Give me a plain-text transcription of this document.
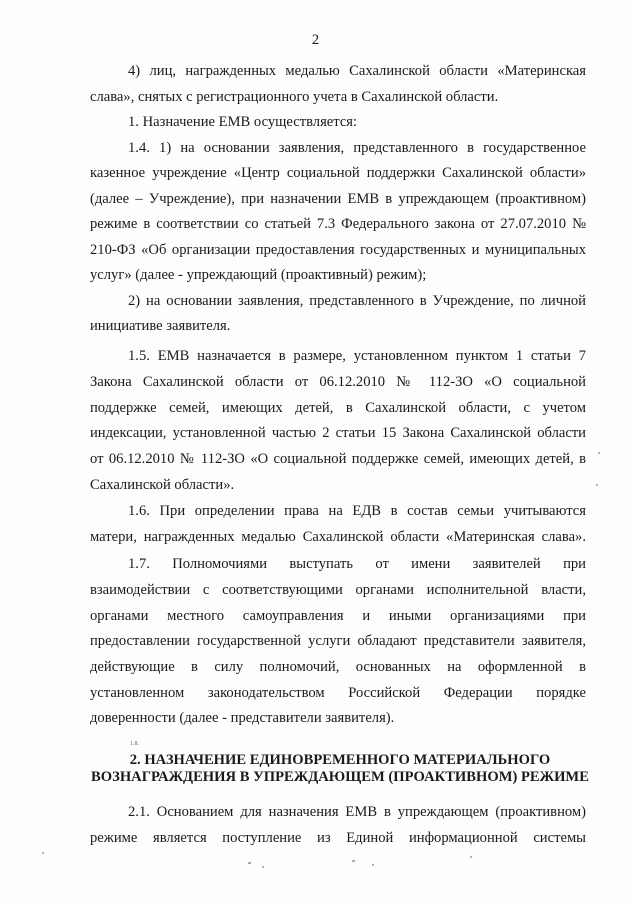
2
4) лиц, награжденных медалью Сахалинской области «Материнская
слава», снятых с регистрационного учета в Сахалинской области.
1. Назначение ЕМВ осуществляется:
1.4. 1) на основании заявления, представленного в государственное
казенное учреждение «Центр социальной поддержки Сахалинской области»
(далее – Учреждение), при назначении ЕМВ в упреждающем (проактивном)
режиме в соответствии со статьей 7.3 Федерального закона от 27.07.2010 №
210-ФЗ «Об организации предоставления государственных и муниципальных
услуг» (далее - упреждающий (проактивный) режим);
2) на основании заявления, представленного в Учреждение, по личной
инициативе заявителя.
1.5. ЕМВ назначается в размере, установленном пунктом 1 статьи 7
Закона Сахалинской области от 06.12.2010 № 112-ЗО «О социальной
поддержке семей, имеющих детей, в Сахалинской области, с учетом
индексации, установленной частью 2 статьи 15 Закона Сахалинской области
от 06.12.2010 № 112-ЗО «О социальной поддержке семей, имеющих детей, в
Сахалинской области».
1.6. При определении права на ЕДВ в состав семьи учитываются
матери, награжденных медалью Сахалинской области «Материнская слава».
1.7. Полномочиями выступать от имени заявителей при
взаимодействии с соответствующими органами исполнительной власти,
органами местного самоуправления и иными организациями при
предоставлении государственной услуги обладают представители заявителя,
действующие в силу полномочий, основанных на оформленной в
установленном законодательством Российской Федерации порядке
доверенности (далее - представители заявителя).
1.8.
2. НАЗНАЧЕНИЕ ЕДИНОВРЕМЕННОГО МАТЕРИАЛЬНОГО
ВОЗНАГРАЖДЕНИЯ В УПРЕЖДАЮЩЕМ (ПРОАКТИВНОМ) РЕЖИМЕ
2.1. Основанием для назначения ЕМВ в упреждающем (проактивном)
режиме является поступление из Единой информационной системы
